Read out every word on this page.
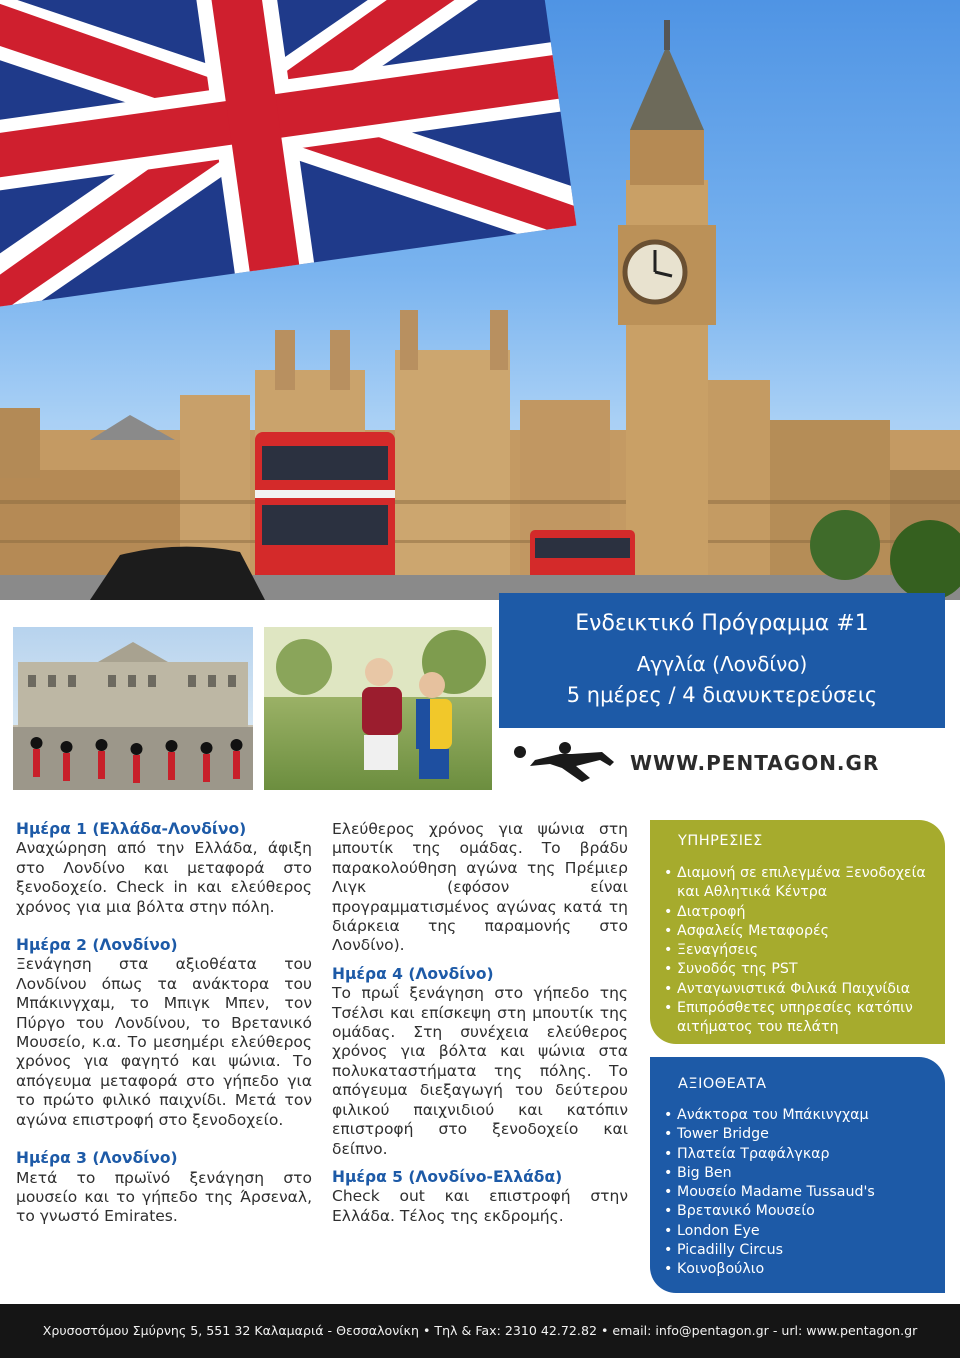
Ενδεικτικό Πρόγραμμα #1
Αγγλία (Λονδίνο)
5 ημέρες / 4 διανυκτερεύσεις
WWW.PENTAGON.GR
Ημέρα 1 (Ελλάδα-Λονδίνο)

Αναχώρηση από την Ελλάδα, άφιξη στο Λονδίνο και μεταφορά στο ξενοδοχείο. Check in και ελεύθερος χρόνος για μια βόλτα στην πόλη.

Ημέρα 2 (Λονδίνο)

Ξενάγηση στα αξιοθέατα του Λονδίνου όπως τα ανάκτορα του Μπάκινγχαμ, το Μπιγκ Μπεν, τον Πύργο του Λονδίνου, το Βρετανικό Μουσείο, κ.α. Το μεσημέρι ελεύθερος χρόνος για φαγητό και ψώνια. Το απόγευμα μεταφορά στο γήπεδο για το πρώτο φιλικό παιχνίδι. Μετά τον αγώνα επιστροφή στο ξενοδοχείο.

Ημέρα 3 (Λονδίνο)

Μετά το πρωϊνό ξενάγηση στο μουσείο και το γήπεδο της Άρσεναλ, το γνωστό Emirates.

Ελεύθερος χρόνος για ψώνια στη μπουτίκ της ομάδας. Το βράδυ παρακολούθηση αγώνα της Πρέμιερ Λιγκ (εφόσον είναι προγραμματισμένος αγώνας κατά τη διάρκεια της παραμονής στο Λονδίνο).

Ημέρα 4 (Λονδίνο)

Το πρωΐ ξενάγηση στο γήπεδο της Τσέλσι και επίσκεψη στη μπουτίκ της ομάδας. Στη συνέχεια ελεύθερος χρόνος για βόλτα και ψώνια στα πολυκαταστήματα της πόλης. Το απόγευμα διεξαγωγή του δεύτερου φιλικού παιχνιδιού και κατόπιν επιστροφή στο ξενοδοχείο και δείπνο.

Ημέρα 5 (Λονδίνο-Ελλάδα)

Check out και επιστροφή στην Ελλάδα. Τέλος της εκδρομής.

ΥΠΗΡΕΣΙΕΣ
• Διαμονή σε επιλεγμένα Ξενοδοχεία και Αθλητικά Κέντρα
• Διατροφή
• Ασφαλείς Μεταφορές
• Ξεναγήσεις
• Συνοδός της PST
• Ανταγωνιστικά Φιλικά Παιχνίδια
• Επιπρόσθετες υπηρεσίες κατόπιν αιτήματος του πελάτη
ΑΞΙΟΘΕΑΤΑ
• Ανάκτορα του Μπάκινγχαμ
• Tower Bridge
• Πλατεία Τραφάλγκαρ
• Big Ben
• Μουσείο Madame Tussaud's
• Βρετανικό Μουσείο
• London Eye
• Picadilly Circus
• Κοινοβούλιο
Χρυσοστόμου Σμύρνης 5, 551 32 Καλαμαριά - Θεσσαλονίκη • Τηλ & Fax: 2310 42.72.82 • email: info@pentagon.gr - url: www.pentagon.gr
